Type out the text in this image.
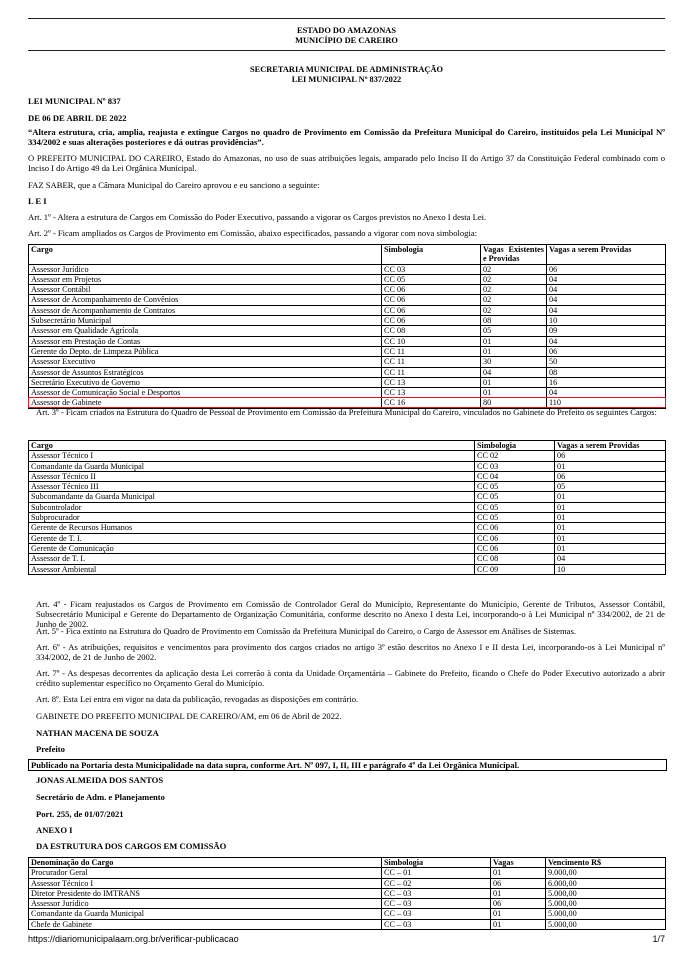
ESTADO DO AMAZONAS
MUNICÍPIO DE CAREIRO
SECRETARIA MUNICIPAL DE ADMINISTRAÇÃO
LEI MUNICIPAL Nº 837/2022
LEI MUNICIPAL Nº 837
DE 06 DE ABRIL DE 2022
“Altera estrutura, cria, amplia, reajusta e extingue Cargos no quadro de Provimento em Comissão da Prefeitura Municipal do Careiro, instituídos pela Lei Municipal Nº 334/2002 e suas alterações posteriores e dá outras providências”.
O PREFEITO MUNICIPAL DO CAREIRO, Estado do Amazonas, no uso de suas atribuições legais, amparado pelo Inciso II do Artigo 37 da Constituição Federal combinado com o Inciso I do Artigo 49 da Lei Orgânica Municipal.
FAZ SABER, que a Câmara Municipal do Careiro aprovou e eu sanciono a seguinte:
L E I
Art. 1º - Altera a estrutura de Cargos em Comissão do Poder Executivo, passando a vigorar os Cargos previstos no Anexo I desta Lei.
Art. 2º - Ficam ampliados os Cargos de Provimento em Comissão, abaixo especificados, passando a vigorar com nova simbologia:
Cargo	Simbologia	Vagas Existentes e Providas	Vagas a serem Providas
Assessor Jurídico	CC 03	02	06
Assessor em Projetos	CC 05	02	04
Assessor Contábil	CC 06	02	04
Assessor de Acompanhamento de Convênios	CC 06	02	04
Assessor de Acompanhamento de Contratos	CC 06	02	04
Subsecretário Municipal	CC 06	08	10
Assessor em Qualidade Agrícola	CC 08	05	09
Assessor em Prestação de Contas	CC 10	01	04
Gerente do Depto. de Limpeza Pública	CC 11	01	06
Assessor Executivo	CC 11	30	50
Assessor de Assuntos Estratégicos	CC 11	04	08
Secretário Executivo de Governo	CC 13	01	16
Assessor de Comunicação Social e Desportos	CC 13	01	04
Assessor de Gabinete	CC 16	80	110
Art. 3º - Ficam criados na Estrutura do Quadro de Pessoal de Provimento em Comissão da Prefeitura Municipal do Careiro, vinculados no Gabinete do Prefeito os seguintes Cargos:
Cargo	Simbologia	Vagas a serem Providas
Assessor Técnico I	CC 02	06
Comandante da Guarda Municipal	CC 03	01
Assessor Técnico II	CC 04	06
Assessor Técnico III	CC 05	05
Subcomandante da Guarda Municipal	CC 05	01
Subcontrolador	CC 05	01
Subprocurador	CC 05	01
Gerente de Recursos Humanos	CC 06	01
Gerente de T. I.	CC 06	01
Gerente de Comunicação	CC 06	01
Assessor de T. I.	CC 08	04
Assessor Ambiental	CC 09	10
Art. 4º - Ficam reajustados os Cargos de Provimento em Comissão de Controlador Geral do Município, Representante do Município, Gerente de Tributos, Assessor Contábil, Subsecretário Municipal e Gerente do Departamento de Organização Comunitária, conforme descrito no Anexo I desta Lei, incorporando-o à Lei Municipal nº 334/2002, de 21 de Junho de 2002.
Art. 5º - Fica extinto na Estrutura do Quadro de Provimento em Comissão da Prefeitura Municipal do Careiro, o Cargo de Assessor em Análises de Sistemas.
Art. 6º - As atribuições, requisitos e vencimentos para provimento dos cargos criados no artigo 3º estão descritos no Anexo I e II desta Lei, incorporando-os à Lei Municipal nº 334/2002, de 21 de Junho de 2002.
Art. 7º - As despesas decorrentes da aplicação desta Lei correrão à conta da Unidade Orçamentária – Gabinete do Prefeito, ficando o Chefe do Poder Executivo autorizado a abrir crédito suplementar específico no Orçamento Geral do Município.
Art. 8º. Esta Lei entra em vigor na data da publicação, revogadas as disposições em contrário.
GABINETE DO PREFEITO MUNICIPAL DE CAREIRO/AM, em 06 de Abril de 2022.
NATHAN MACENA DE SOUZA
Prefeito
Publicado na Portaria desta Municipalidade na data supra, conforme Art. Nº 097, I, II, III e parágrafo 4º da Lei Orgânica Municipal.
JONAS ALMEIDA DOS SANTOS
Secretário de Adm. e Planejamento
Port. 255, de 01/07/2021
ANEXO I
DA ESTRUTURA DOS CARGOS EM COMISSÃO
Denominação do Cargo	Simbologia	Vagas	Vencimento R$
Procurador Geral	CC – 01	01	9.000,00
Assessor Técnico I	CC – 02	06	6.000,00
Diretor Presidente do IMTRANS	CC – 03	01	5.000,00
Assessor Jurídico	CC – 03	06	5.000,00
Comandante da Guarda Municipal	CC – 03	01	5.000,00
Chefe de Gabinete	CC – 03	01	5.000,00
https://diariomunicipalaam.org.br/verificar-publicacao	1/7
